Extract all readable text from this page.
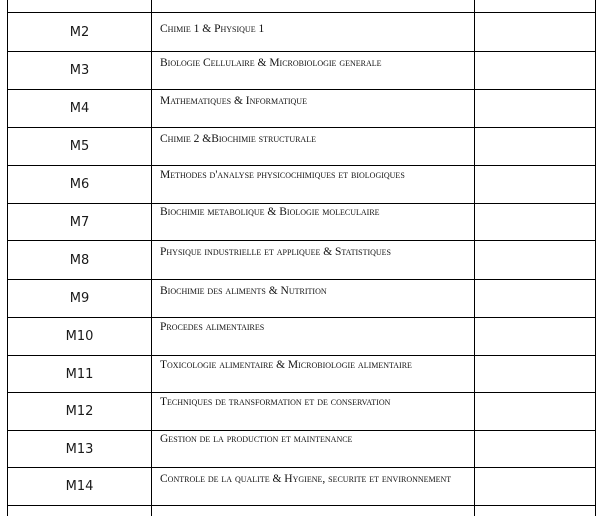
M2	Chimie 1 & Physique 1	
M3	Biologie Cellulaire & Microbiologie generale	
M4	Mathematiques & Informatique	
M5	Chimie 2 &Biochimie structurale	
M6	Methodes d'analyse physicochimiques et biologiques	
M7	Biochimie metabolique & Biologie moleculaire	
M8	Physique industrielle et appliquee & Statistiques	
M9	Biochimie des aliments & Nutrition	
M10	Procedes alimentaires	
M11	Toxicologie alimentaire & Microbiologie alimentaire	
M12	Techniques de transformation et de conservation	
M13	Gestion de la production et maintenance	
M14	Controle de la qualite & Hygiene, securite et environnement	
